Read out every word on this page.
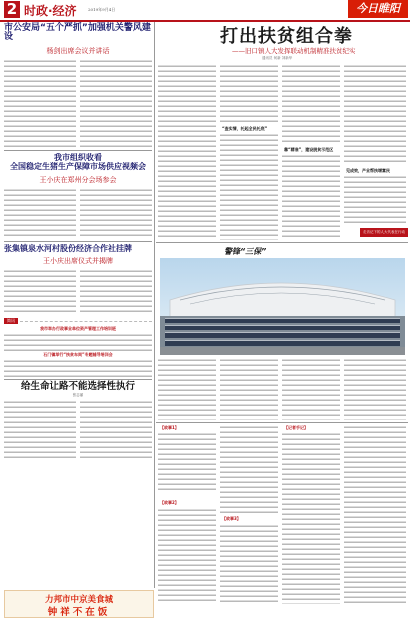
2 时政·经济	2019年9月4日	今日睢阳
市公安局“五个严抓”加强机关警风建设
杨剑出席会议并讲话
我市组织收看
全国稳定生猪生产保障市场供应视频会
王小庆在郑州分会场参会
张集镇泉水河村股份经济合作社挂牌
王小庆出席仪式并揭牌
简讯
我市举办行政事业单位资产管理工作培训班
石门镇举行“扶贫车间”专题辅导培训会
给生命让路不能选择性执行
张志丽
力邦市中京美食城
钟祥不在饭
打出扶贫组合拳
——旧口镇人大发挥联动机制精准扶贫纪实
通讯员 何新 刘新华
“查实情，托起全民托底”
靠“精准”，建设脱贫示范区
见成效，产业帮扶增富民
走访记下的人大代表在行动
警锋“三保”
【故事1】
【故事2】
【故事3】
【记者手记】
